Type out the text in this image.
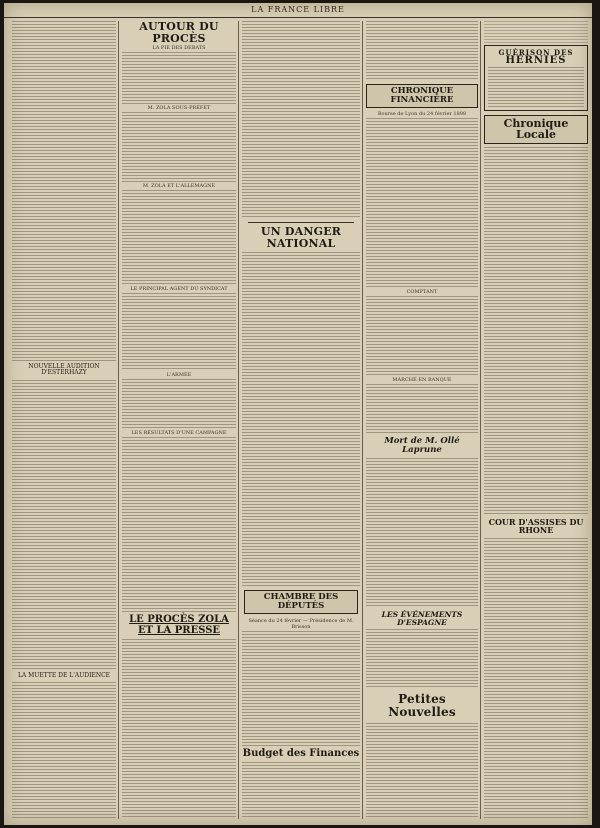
LA FRANCE LIBRE
NOUVELLE AUDITION D'ESTERHAZY
LA MUETTE DE L'AUDIENCE
AUTOUR DU PROCÈS
LA PIE DES DEBATS
M. ZOLA SOUS-PRÉFET
M. ZOLA ET L'ALLEMAGNE
LE PRINCIPAL AGENT DU SYNDICAT
L'ARMÉE
LES RÉSULTATS D'UNE CAMPAGNE
LE PROCÈS ZOLA ET LA PRESSE
UN DANGER NATIONAL
CHAMBRE DES DÉPUTÉS
Séance du 24 février — Présidence de M. Brisson
Budget des Finances
CHRONIQUE FINANCIÈRE
Bourse de Lyon du 24 février 1898
COMPTANT
MARCHÉ EN BANQUE
Mort de M. Ollé Laprune
LES ÉVÉNEMENTS D'ESPAGNE
Petites Nouvelles
GUÉRISON DES
HERNIES
Chronique Locale
COUR D'ASSISES DU RHONE
